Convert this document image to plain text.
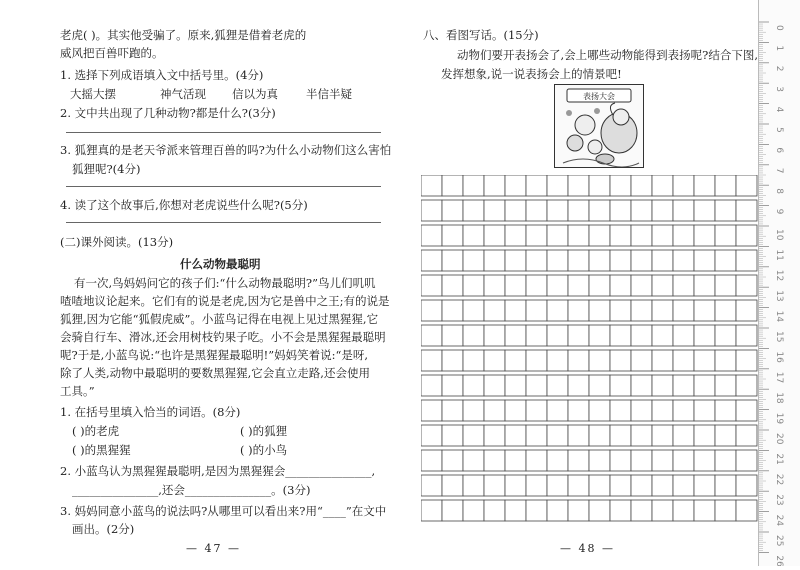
老虎( )。其实他受骗了。原来,狐狸是借着老虎的
威风把百兽吓跑的。
1. 选择下列成语填入文中括号里。(4分)
大摇大摆	神气活现 信以为真 半信半疑
2. 文中共出现了几种动物?都是什么?(3分)
3. 狐狸真的是老天爷派来管理百兽的吗?为什么小动物们这么害怕
狐狸呢?(4分)
4. 读了这个故事后,你想对老虎说些什么呢?(5分)
(二)课外阅读。(13分)
什么动物最聪明
有一次,鸟妈妈问它的孩子们:“什么动物最聪明?”鸟儿们叽叽
喳喳地议论起来。它们有的说是老虎,因为它是兽中之王;有的说是
狐狸,因为它能“狐假虎威”。小蓝鸟记得在电视上见过黑猩猩,它
会骑自行车、滑冰,还会用树枝钓果子吃。小不会是黑猩猩最聪明
呢?于是,小蓝鸟说:“也许是黑猩猩最聪明!”妈妈笑着说:“是呀,
除了人类,动物中最聪明的要数黑猩猩,它会直立走路,还会使用
工具。”
1. 在括号里填入恰当的词语。(8分)
( )的老虎	( )的狐狸
( )的黑猩猩	( )的小鸟
2. 小蓝鸟认为黑猩猩最聪明,是因为黑猩猩会_______________,
_______________,还会_______________。(3分)
3. 妈妈同意小蓝鸟的说法吗?从哪里可以看出来?用“____”在文中
画出。(2分)
— 47 —
八、看图写话。(15分)
动物们要开表扬会了,会上哪些动物能得到表扬呢?结合下图,
发挥想象,说一说表扬会上的情景吧!
表扬大会
— 48 —
0
1
2
3
4
5
6
7
8
9
10
11
12
13
14
15
16
17
18
19
20
21
22
23
24
25
26
